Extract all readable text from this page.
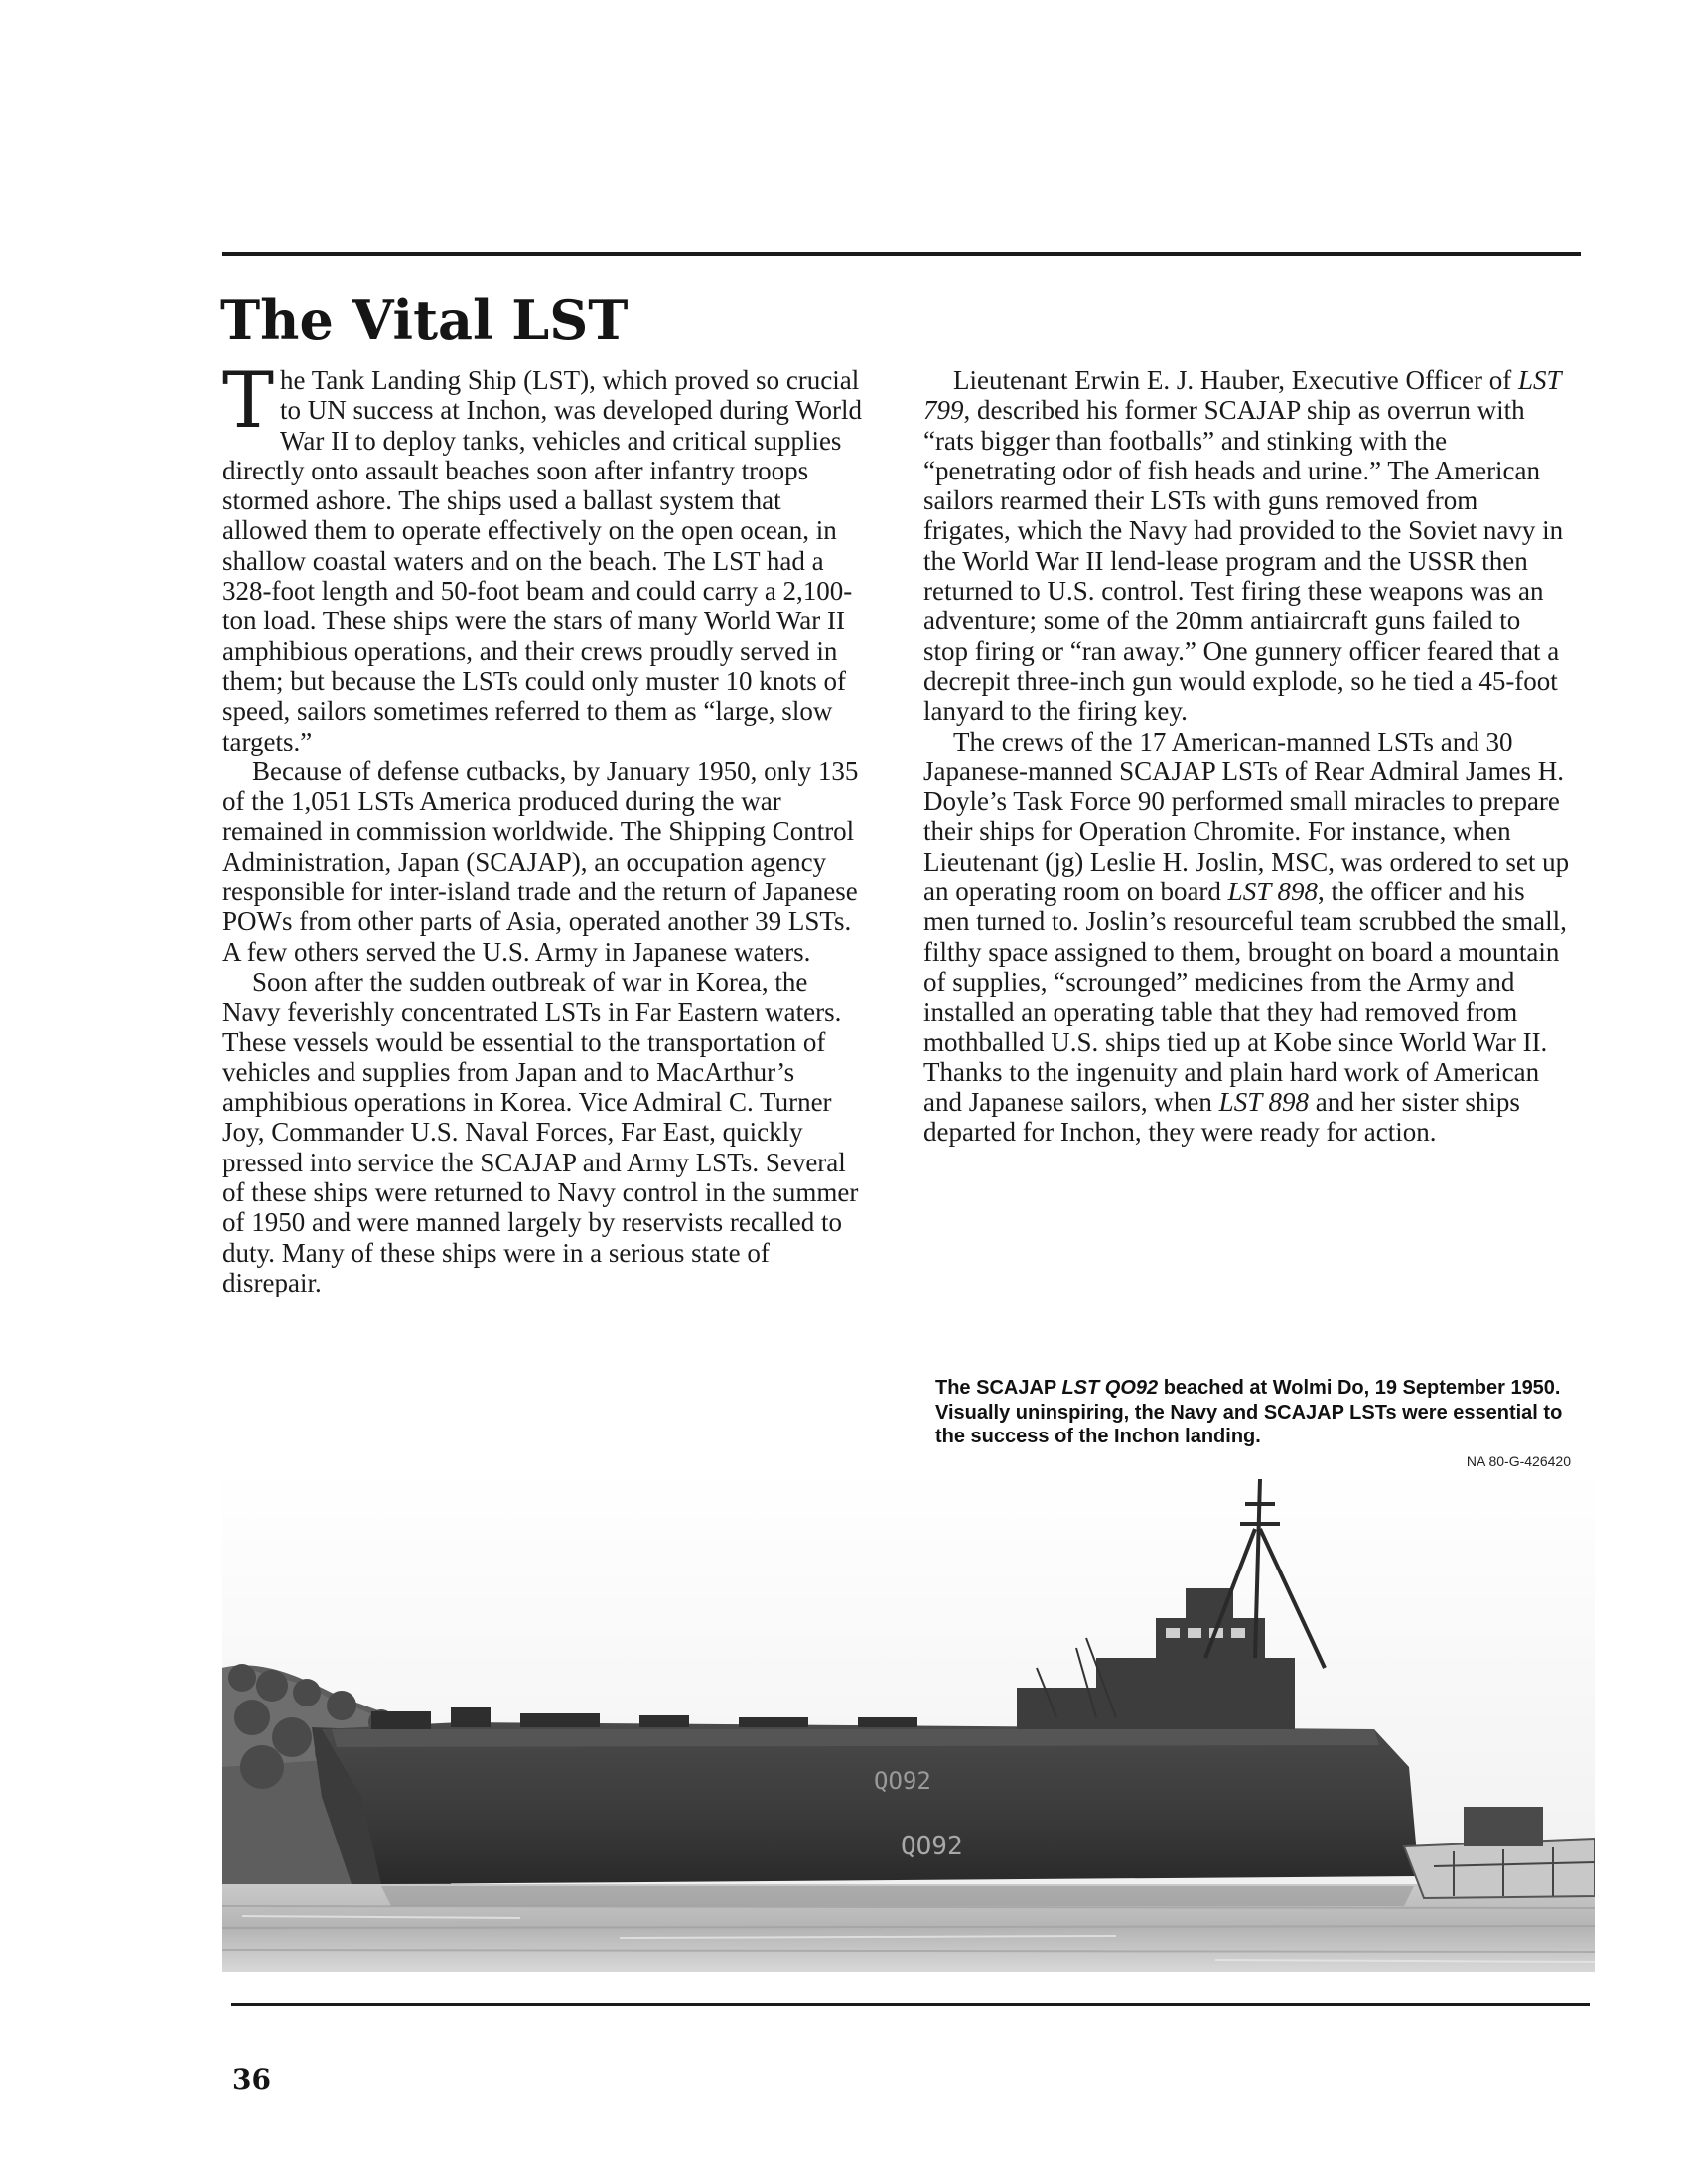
The Vital LST

The Tank Landing Ship (LST), which proved so crucial to UN success at Inchon, was developed during World War II to deploy tanks, vehicles and critical supplies directly onto assault beaches soon after infantry troops stormed ashore. The ships used a ballast system that allowed them to operate effectively on the open ocean, in shallow coastal waters and on the beach. The LST had a 328-foot length and 50-foot beam and could carry a 2,100-ton load. These ships were the stars of many World War II amphibious operations, and their crews proudly served in them; but because the LSTs could only muster 10 knots of speed, sailors sometimes referred to them as “large, slow targets.”

Because of defense cutbacks, by January 1950, only 135 of the 1,051 LSTs America produced during the war remained in commission worldwide. The Shipping Control Administration, Japan (SCAJAP), an occupation agency responsible for inter-island trade and the return of Japanese POWs from other parts of Asia, operated another 39 LSTs. A few others served the U.S. Army in Japanese waters.

Soon after the sudden outbreak of war in Korea, the Navy feverishly concentrated LSTs in Far Eastern waters. These vessels would be essential to the transportation of vehicles and supplies from Japan and to MacArthur’s amphibious operations in Korea. Vice Admiral C. Turner Joy, Commander U.S. Naval Forces, Far East, quickly pressed into service the SCAJAP and Army LSTs. Several of these ships were returned to Navy control in the summer of 1950 and were manned largely by reservists recalled to duty. Many of these ships were in a serious state of disrepair.

Lieutenant Erwin E. J. Hauber, Executive Officer of LST 799, described his former SCAJAP ship as overrun with “rats bigger than footballs” and stinking with the “penetrating odor of fish heads and urine.” The American sailors rearmed their LSTs with guns removed from frigates, which the Navy had provided to the Soviet navy in the World War II lend-lease program and the USSR then returned to U.S. control. Test firing these weapons was an adventure; some of the 20mm antiaircraft guns failed to stop firing or “ran away.” One gunnery officer feared that a decrepit three-inch gun would explode, so he tied a 45-foot lanyard to the firing key.

The crews of the 17 American-manned LSTs and 30 Japanese-manned SCAJAP LSTs of Rear Admiral James H. Doyle’s Task Force 90 performed small miracles to prepare their ships for Operation Chromite. For instance, when Lieutenant (jg) Leslie H. Joslin, MSC, was ordered to set up an operating room on board LST 898, the officer and his men turned to. Joslin’s resourceful team scrubbed the small, filthy space assigned to them, brought on board a mountain of supplies, “scrounged” medicines from the Army and installed an operating table that they had removed from mothballed U.S. ships tied up at Kobe since World War II. Thanks to the ingenuity and plain hard work of American and Japanese sailors, when LST 898 and her sister ships departed for Inchon, they were ready for action.

The SCAJAP LST QO92 beached at Wolmi Do, 19 September 1950. Visually uninspiring, the Navy and SCAJAP LSTs were essential to the success of the Inchon landing.
NA 80-G-426420
QO92
QO92
36
